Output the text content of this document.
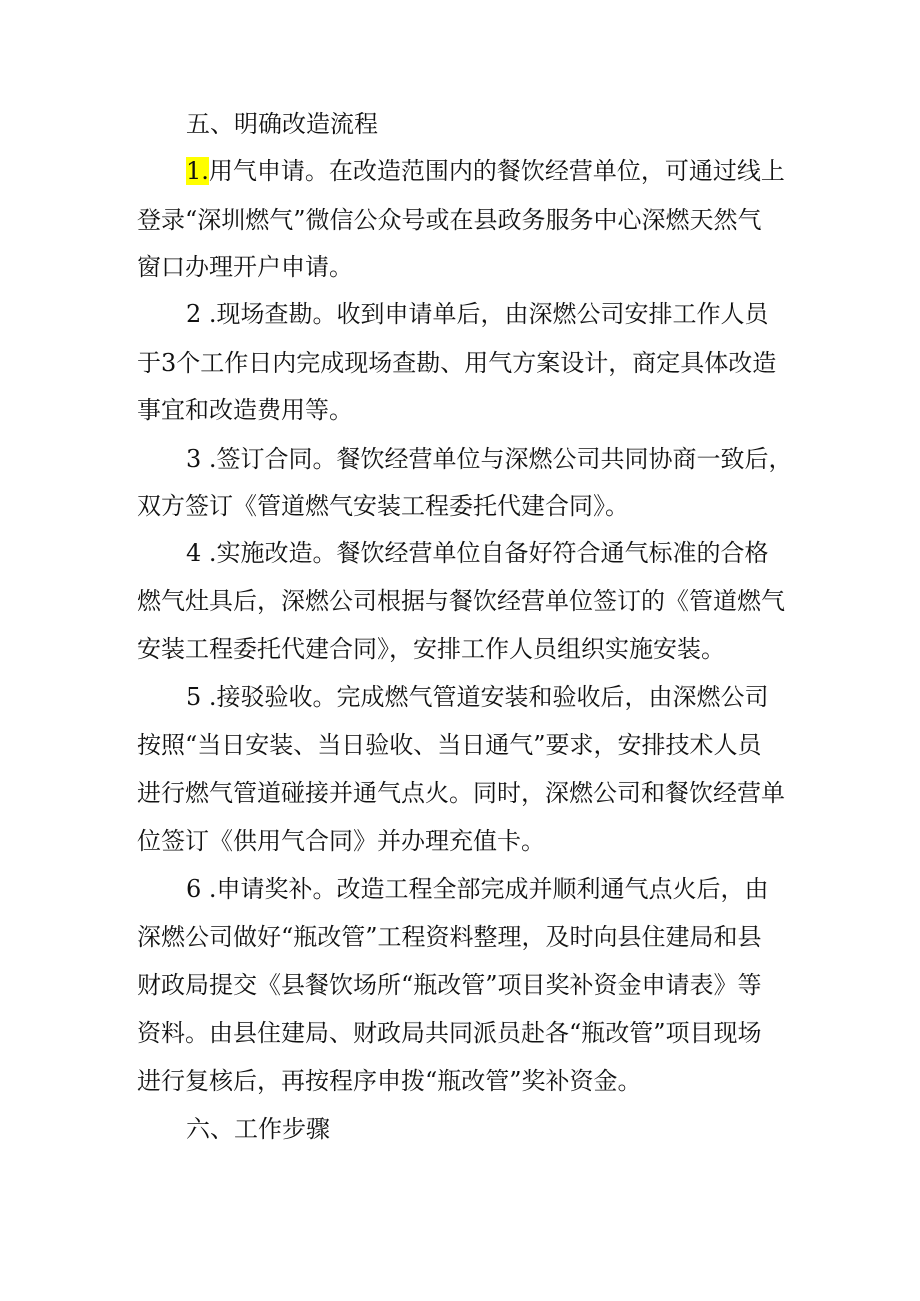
五、明确改造流程
1.用气申请。在改造范围内的餐饮经营单位，可通过线上
登录“深圳燃气”微信公众号或在县政务服务中心深燃天然气
窗口办理开户申请。
2 .现场查勘。收到申请单后，由深燃公司安排工作人员
于3个工作日内完成现场查勘、用气方案设计，商定具体改造
事宜和改造费用等。
3 .签订合同。餐饮经营单位与深燃公司共同协商一致后，
双方签订《管道燃气安装工程委托代建合同》。
4 .实施改造。餐饮经营单位自备好符合通气标准的合格
燃气灶具后，深燃公司根据与餐饮经营单位签订的《管道燃气
安装工程委托代建合同》，安排工作人员组织实施安装。
5 .接驳验收。完成燃气管道安装和验收后，由深燃公司
按照“当日安装、当日验收、当日通气”要求，安排技术人员
进行燃气管道碰接并通气点火。同时，深燃公司和餐饮经营单
位签订《供用气合同》并办理充值卡。
6 .申请奖补。改造工程全部完成并顺利通气点火后，由
深燃公司做好“瓶改管”工程资料整理，及时向县住建局和县
财政局提交《县餐饮场所“瓶改管”项目奖补资金申请表》等
资料。由县住建局、财政局共同派员赴各“瓶改管”项目现场
进行复核后，再按程序申拨“瓶改管”奖补资金。
六、工作步骤
